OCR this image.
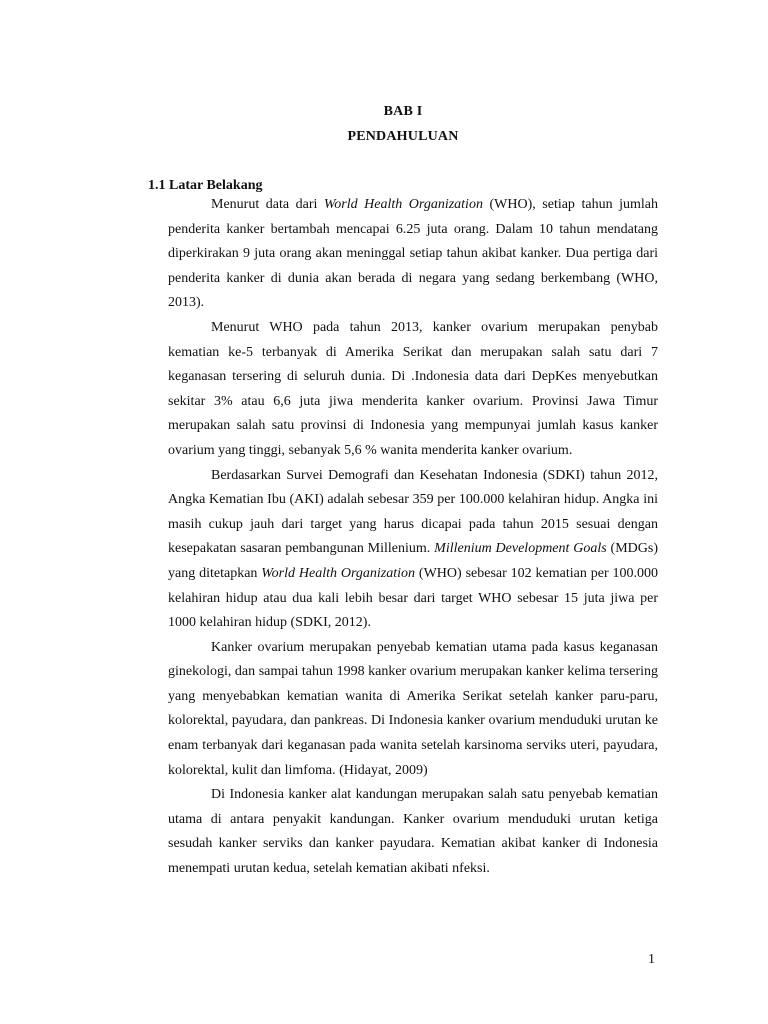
BAB I
PENDAHULUAN
1.1 Latar Belakang

Menurut data dari World Health Organization (WHO), setiap tahun jumlah penderita kanker bertambah mencapai 6.25 juta orang. Dalam 10 tahun mendatang diperkirakan 9 juta orang akan meninggal setiap tahun akibat kanker. Dua pertiga dari penderita kanker di dunia akan berada di negara yang sedang berkembang (WHO, 2013).

Menurut WHO pada tahun 2013, kanker ovarium merupakan penybab kematian ke-5 terbanyak di Amerika Serikat dan merupakan salah satu dari 7 keganasan tersering di seluruh dunia. Di .Indonesia data dari DepKes menyebutkan sekitar 3% atau 6,6 juta jiwa menderita kanker ovarium. Provinsi Jawa Timur merupakan salah satu provinsi di Indonesia yang mempunyai jumlah kasus kanker ovarium yang tinggi, sebanyak 5,6 % wanita menderita kanker ovarium.

Berdasarkan Survei Demografi dan Kesehatan Indonesia (SDKI) tahun 2012, Angka Kematian Ibu (AKI) adalah sebesar 359 per 100.000 kelahiran hidup. Angka ini masih cukup jauh dari target yang harus dicapai pada tahun 2015 sesuai dengan kesepakatan sasaran pembangunan Millenium. Millenium Development Goals (MDGs) yang ditetapkan World Health Organization (WHO) sebesar 102 kematian per 100.000 kelahiran hidup atau dua kali lebih besar dari target WHO sebesar 15 juta jiwa per 1000 kelahiran hidup (SDKI, 2012).

Kanker ovarium merupakan penyebab kematian utama pada kasus keganasan ginekologi, dan sampai tahun 1998 kanker ovarium merupakan kanker kelima tersering yang menyebabkan kematian wanita di Amerika Serikat setelah kanker paru-paru, kolorektal, payudara, dan pankreas. Di Indonesia kanker ovarium menduduki urutan ke enam terbanyak dari keganasan pada wanita setelah karsinoma serviks uteri, payudara, kolorektal, kulit dan limfoma. (Hidayat, 2009)

Di Indonesia kanker alat kandungan merupakan salah satu penyebab kematian utama di antara penyakit kandungan. Kanker ovarium menduduki urutan ketiga sesudah kanker serviks dan kanker payudara. Kematian akibat kanker di Indonesia menempati urutan kedua, setelah kematian akibati nfeksi.

1
